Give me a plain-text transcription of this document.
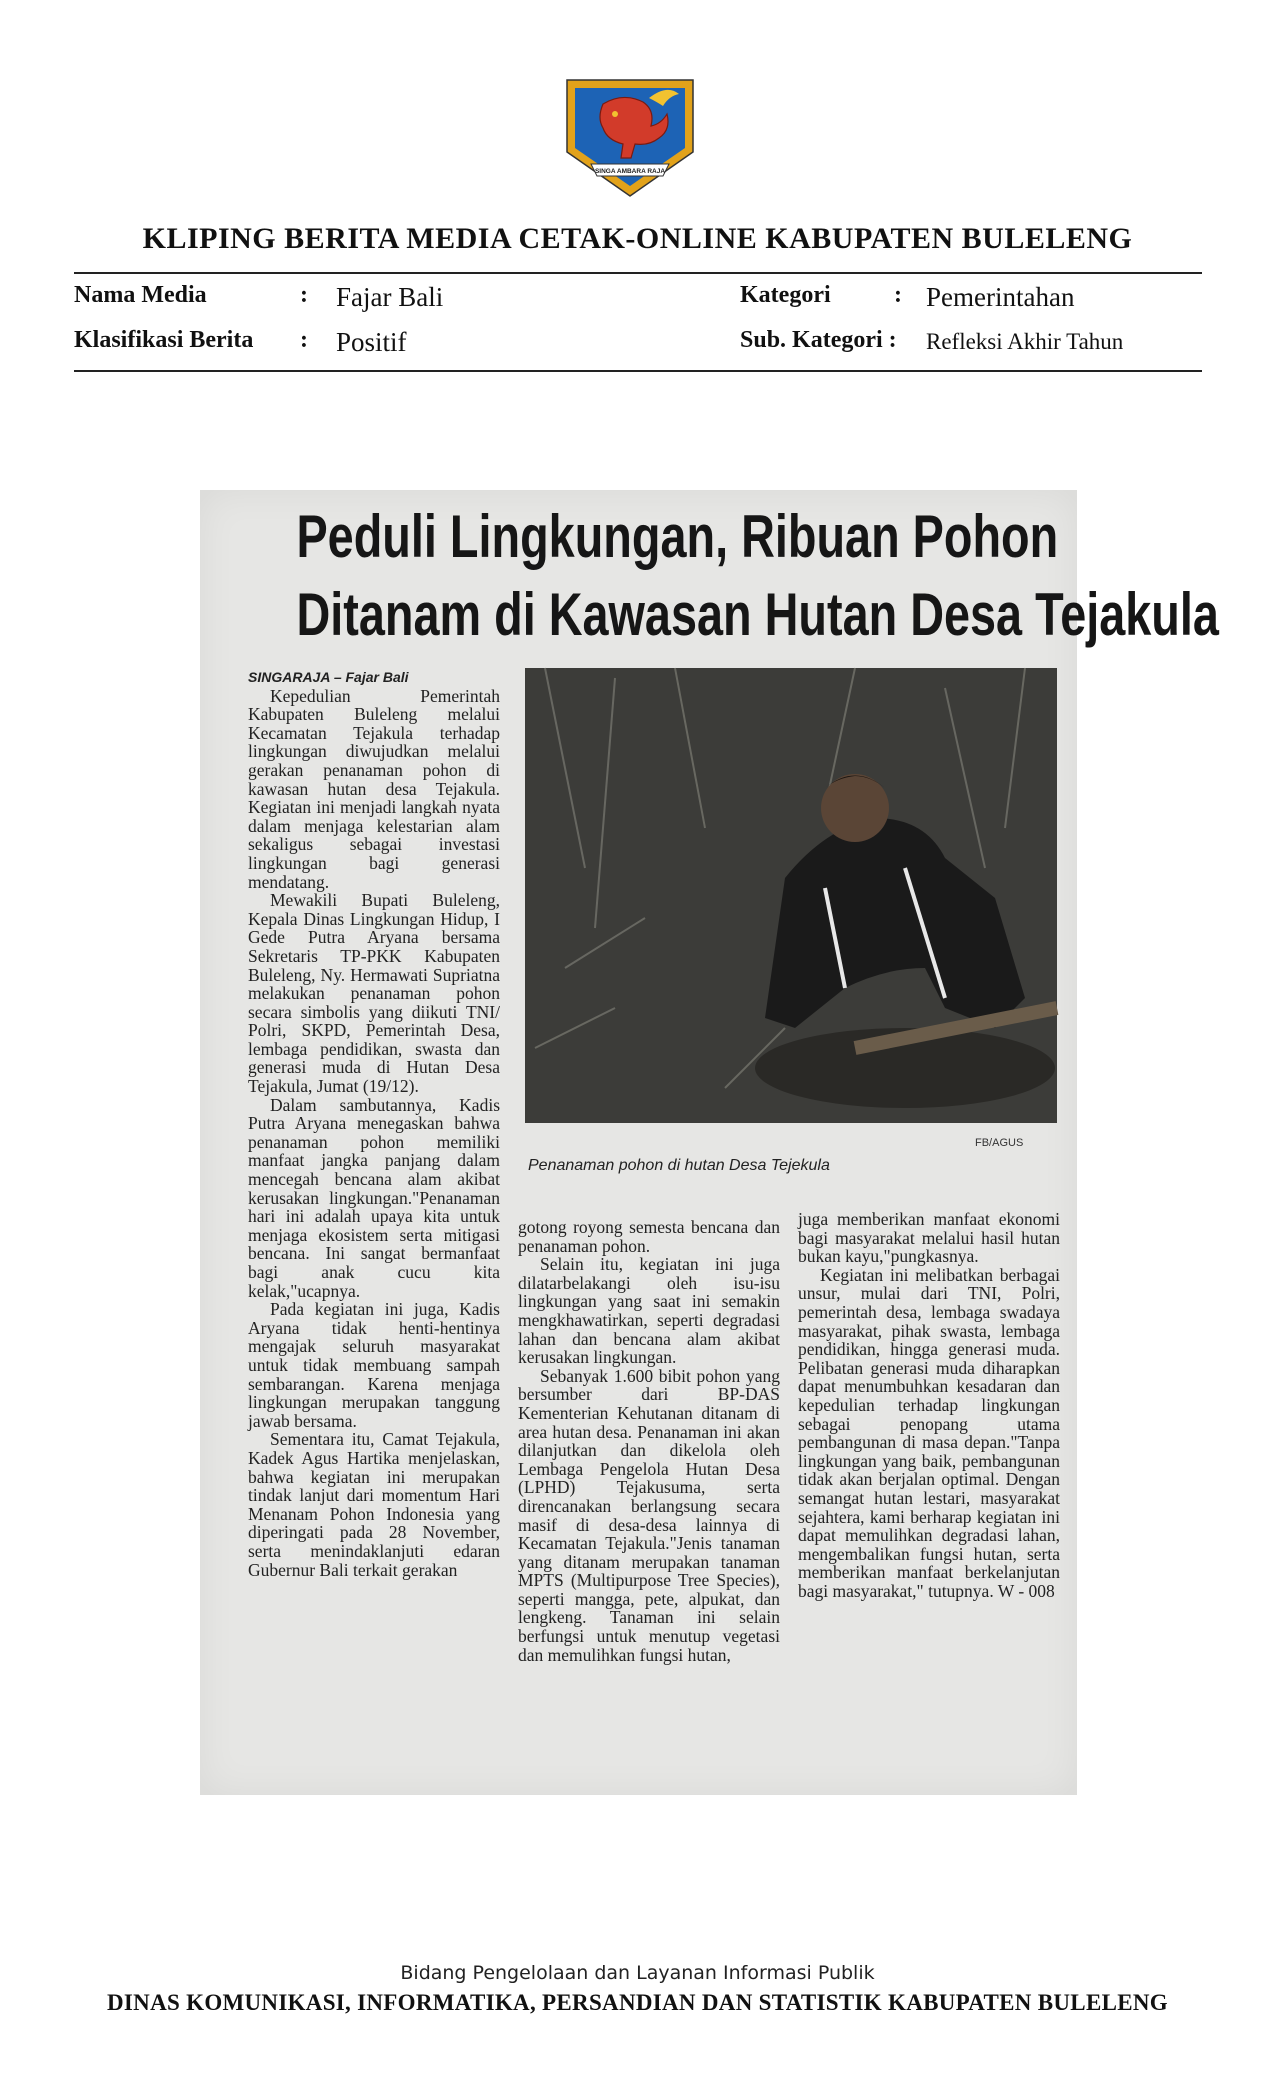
SINGA AMBARA RAJA
KLIPING BERITA MEDIA CETAK-ONLINE KABUPATEN BULELENG
Nama Media	: Fajar Bali	Kategori	: Pemerintahan
Klasifikasi Berita : Positif	Sub. Kategori : Refleksi Akhir Tahun
Peduli Lingkungan, Ribuan Pohon
Ditanam di Kawasan Hutan Desa Tejakula
SINGARAJA – Fajar Bali

Kepedulian Pemerintah Kabupaten Buleleng melalui Kecamatan Tejakula terhadap lingkungan diwujudkan melalui gerakan penanaman pohon di kawasan hutan desa Tejakula. Kegiatan ini menjadi langkah nyata dalam menjaga kelestarian alam sekaligus sebagai investasi lingkungan bagi generasi mendatang.

Mewakili Bupati Buleleng, Kepala Dinas Lingkungan Hidup, I Gede Putra Aryana bersama Sekretaris TP-PKK Kabupaten Buleleng, Ny. Hermawati Supriatna melakukan penanaman pohon secara simbolis yang diikuti TNI/ Polri, SKPD, Pemerintah Desa, lembaga pendidikan, swasta dan generasi muda di Hutan Desa Tejakula, Jumat (19/12).

Dalam sambutannya, Kadis Putra Aryana menegaskan bahwa penanaman pohon memiliki manfaat jangka panjang dalam mencegah bencana alam akibat kerusakan lingkungan."Penanaman hari ini adalah upaya kita untuk menjaga ekosistem serta mitigasi bencana. Ini sangat bermanfaat bagi anak cucu kita kelak,"ucapnya.

Pada kegiatan ini juga, Kadis Aryana tidak henti-hentinya mengajak seluruh masyarakat untuk tidak membuang sampah sembarangan. Karena menjaga lingkungan merupakan tanggung jawab bersama.

Sementara itu, Camat Tejakula, Kadek Agus Hartika menjelaskan, bahwa kegiatan ini merupakan tindak lanjut dari momentum Hari Menanam Pohon Indonesia yang diperingati pada 28 November, serta menindaklanjuti edaran Gubernur Bali terkait gerakan

FB/AGUS
Penanaman pohon di hutan Desa Tejekula

gotong royong semesta bencana dan penanaman pohon.

Selain itu, kegiatan ini juga dilatarbelakangi oleh isu-isu lingkungan yang saat ini semakin mengkhawatirkan, seperti degradasi lahan dan bencana alam akibat kerusakan lingkungan.

Sebanyak 1.600 bibit pohon yang bersumber dari BP-DAS Kementerian Kehutanan ditanam di area hutan desa. Penanaman ini akan dilanjutkan dan dikelola oleh Lembaga Pengelola Hutan Desa (LPHD) Tejakusuma, serta direncanakan berlangsung secara masif di desa-desa lainnya di Kecamatan Tejakula."Jenis tanaman yang ditanam merupakan tanaman MPTS (Multipurpose Tree Species), seperti mangga, pete, alpukat, dan lengkeng. Tanaman ini selain berfungsi untuk menutup vegetasi dan memulihkan fungsi hutan,

juga memberikan manfaat ekonomi bagi masyarakat melalui hasil hutan bukan kayu,"pungkasnya.

Kegiatan ini melibatkan berbagai unsur, mulai dari TNI, Polri, pemerintah desa, lembaga swadaya masyarakat, pihak swasta, lembaga pendidikan, hingga generasi muda. Pelibatan generasi muda diharapkan dapat menumbuhkan kesadaran dan kepedulian terhadap lingkungan sebagai penopang utama pembangunan di masa depan."Tanpa lingkungan yang baik, pembangunan tidak akan berjalan optimal. Dengan semangat hutan lestari, masyarakat sejahtera, kami berharap kegiatan ini dapat memulihkan degradasi lahan, mengembalikan fungsi hutan, serta memberikan manfaat berkelanjutan bagi masyarakat," tutupnya. W - 008

Bidang Pengelolaan dan Layanan Informasi Publik
DINAS KOMUNIKASI, INFORMATIKA, PERSANDIAN DAN STATISTIK KABUPATEN BULELENG
